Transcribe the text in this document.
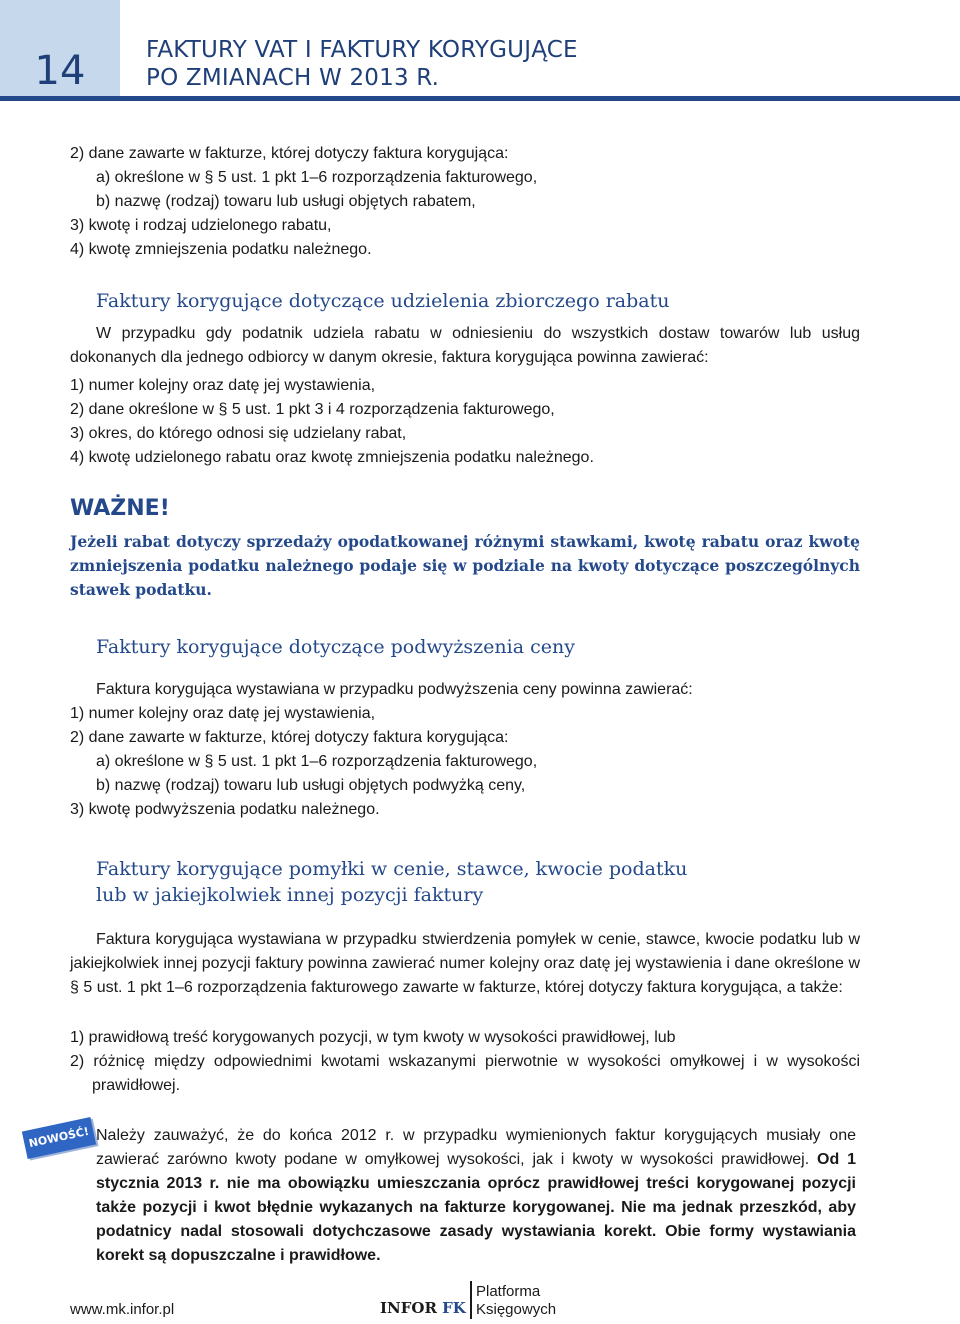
14	FAKTURY VAT I FAKTURY KORYGUJĄCE
PO ZMIANACH W 2013 R.
2) dane zawarte w fakturze, której dotyczy faktura korygująca:
a) określone w § 5 ust. 1 pkt 1–6 rozporządzenia fakturowego,
b) nazwę (rodzaj) towaru lub usługi objętych rabatem,
3) kwotę i rodzaj udzielonego rabatu,
4) kwotę zmniejszenia podatku należnego.
Faktury korygujące dotyczące udzielenia zbiorczego rabatu
W przypadku gdy podatnik udziela rabatu w odniesieniu do wszystkich dostaw towarów lub usług dokonanych dla jednego odbiorcy w danym okresie, faktura korygująca powinna zawierać:
1) numer kolejny oraz datę jej wystawienia,
2) dane określone w § 5 ust. 1 pkt 3 i 4 rozporządzenia fakturowego,
3) okres, do którego odnosi się udzielany rabat,
4) kwotę udzielonego rabatu oraz kwotę zmniejszenia podatku należnego.
WAŻNE!
Jeżeli rabat dotyczy sprzedaży opodatkowanej różnymi stawkami, kwotę rabatu oraz kwotę zmniejszenia podatku należnego podaje się w podziale na kwoty dotyczące poszczególnych stawek podatku.
Faktury korygujące dotyczące podwyższenia ceny
Faktura korygująca wystawiana w przypadku podwyższenia ceny powinna zawierać:
1) numer kolejny oraz datę jej wystawienia,
2) dane zawarte w fakturze, której dotyczy faktura korygująca:
a) określone w § 5 ust. 1 pkt 1–6 rozporządzenia fakturowego,
b) nazwę (rodzaj) towaru lub usługi objętych podwyżką ceny,
3) kwotę podwyższenia podatku należnego.
Faktury korygujące pomyłki w cenie, stawce, kwocie podatku
lub w jakiejkolwiek innej pozycji faktury
Faktura korygująca wystawiana w przypadku stwierdzenia pomyłek w cenie, stawce, kwocie podatku lub w jakiejkolwiek innej pozycji faktury powinna zawierać numer kolejny oraz datę jej wystawienia i dane określone w § 5 ust. 1 pkt 1–6 rozporządzenia fakturowego zawarte w fakturze, której dotyczy faktura korygująca, a także:
1) prawidłową treść korygowanych pozycji, w tym kwoty w wysokości prawidłowej, lub
2) różnicę między odpowiednimi kwotami wskazanymi pierwotnie w wysokości omyłkowej i w wysokości prawidłowej.
NOWOŚĆ! Należy zauważyć, że do końca 2012 r. w przypadku wymienionych faktur korygujących musiały one zawierać zarówno kwoty podane w omyłkowej wysokości, jak i kwoty w wysokości prawidłowej. Od 1 stycznia 2013 r. nie ma obowiązku umieszczania oprócz prawidłowej treści korygowanej pozycji także pozycji i kwot błędnie wykazanych na fakturze korygowanej. Nie ma jednak przeszkód, aby podatnicy nadal stosowali dotychczasowe zasady wystawiania korekt. Obie formy wystawiania korekt są dopuszczalne i prawidłowe.
www.mk.infor.pl	INFOR FK
Platforma
Księgowych
